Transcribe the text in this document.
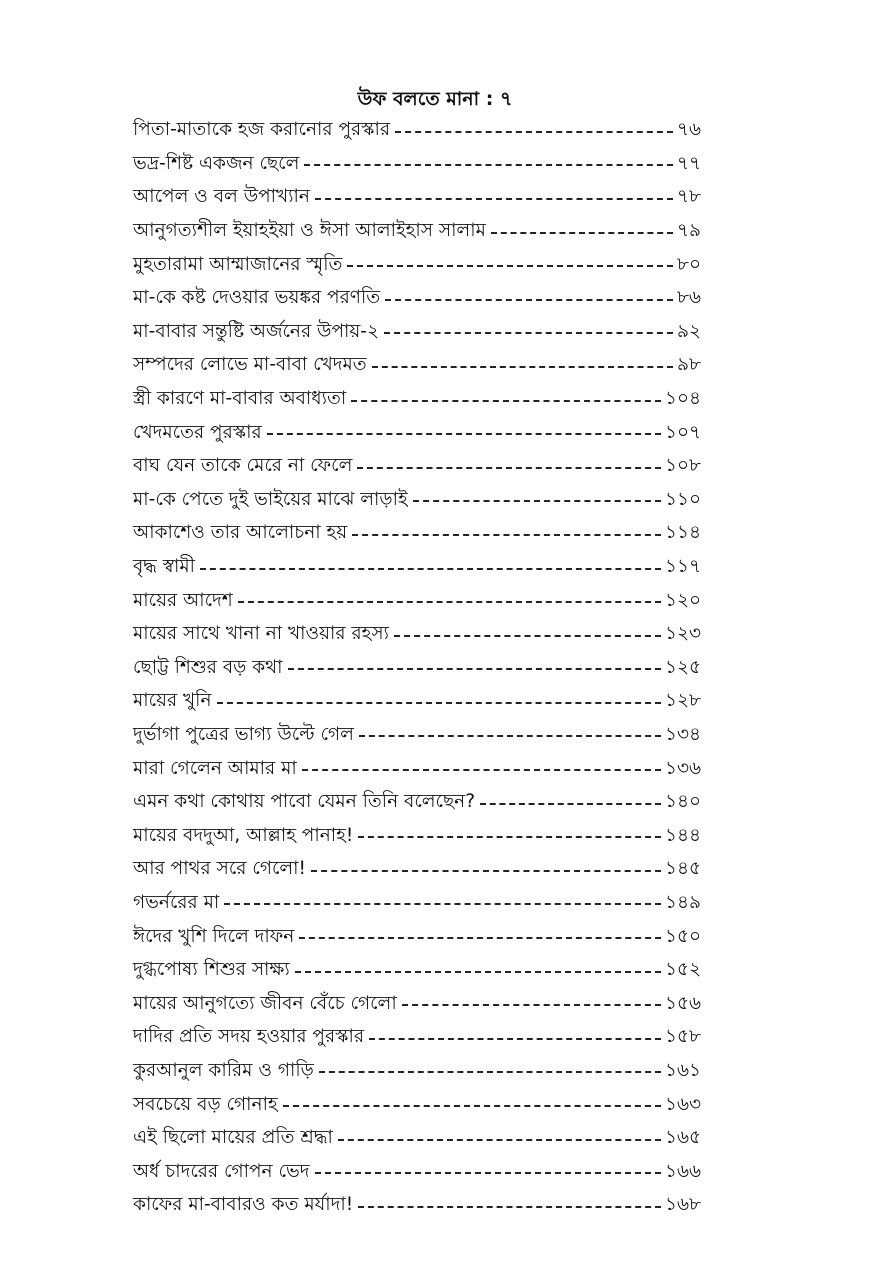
উফ বলতে মানা : ৭
পিতা-মাতাকে হজ করানোর পুরস্কার	৭৬
ভদ্র-শিষ্ট একজন ছেলে	৭৭
আপেল ও বল উপাখ্যান	৭৮
আনুগত্যশীল ইয়াহইয়া ও ঈসা আলাইহাস সালাম	৭৯
মুহতারামা আম্মাজানের স্মৃতি	৮০
মা-কে কষ্ট দেওয়ার ভয়ঙ্কর পরণতি	৮৬
মা-বাবার সন্তুষ্টি অর্জনের উপায়-২	৯২
সম্পদের লোভে মা-বাবা খেদমত	৯৮
স্ত্রী কারণে মা-বাবার অবাধ্যতা	১০৪
খেদমতের পুরস্কার	১০৭
বাঘ যেন তাকে মেরে না ফেলে	১০৮
মা-কে পেতে দুই ভাইয়ের মাঝে লাড়াই	১১০
আকাশেও তার আলোচনা হয়	১১৪
বৃদ্ধ স্বামী	১১৭
মায়ের আদেশ	১২০
মায়ের সাথে খানা না খাওয়ার রহস্য	১২৩
ছোট্ট শিশুর বড় কথা	১২৫
মায়ের খুনি	১২৮
দুর্ভাগা পুত্রের ভাগ্য উল্টে গেল	১৩৪
মারা গেলেন আমার মা	১৩৬
এমন কথা কোথায় পাবো যেমন তিনি বলেছেন?	১৪০
মায়ের বদদুআ, আল্লাহ পানাহ!	১৪৪
আর পাথর সরে গেলো!	১৪৫
গভর্নরের মা	১৪৯
ঈদের খুশি দিলে দাফন	১৫০
দুগ্ধপোষ্য শিশুর সাক্ষ্য	১৫২
মায়ের আনুগত্যে জীবন বেঁচে গেলো	১৫৬
দাদির প্রতি সদয় হওয়ার পুরস্কার	১৫৮
কুরআনুল কারিম ও গাড়ি	১৬১
সবচেয়ে বড় গোনাহ	১৬৩
এই ছিলো মায়ের প্রতি শ্রদ্ধা	১৬৫
অর্ধ চাদরের গোপন ভেদ	১৬৬
কাফের মা-বাবারও কত মর্যাদা!	১৬৮
